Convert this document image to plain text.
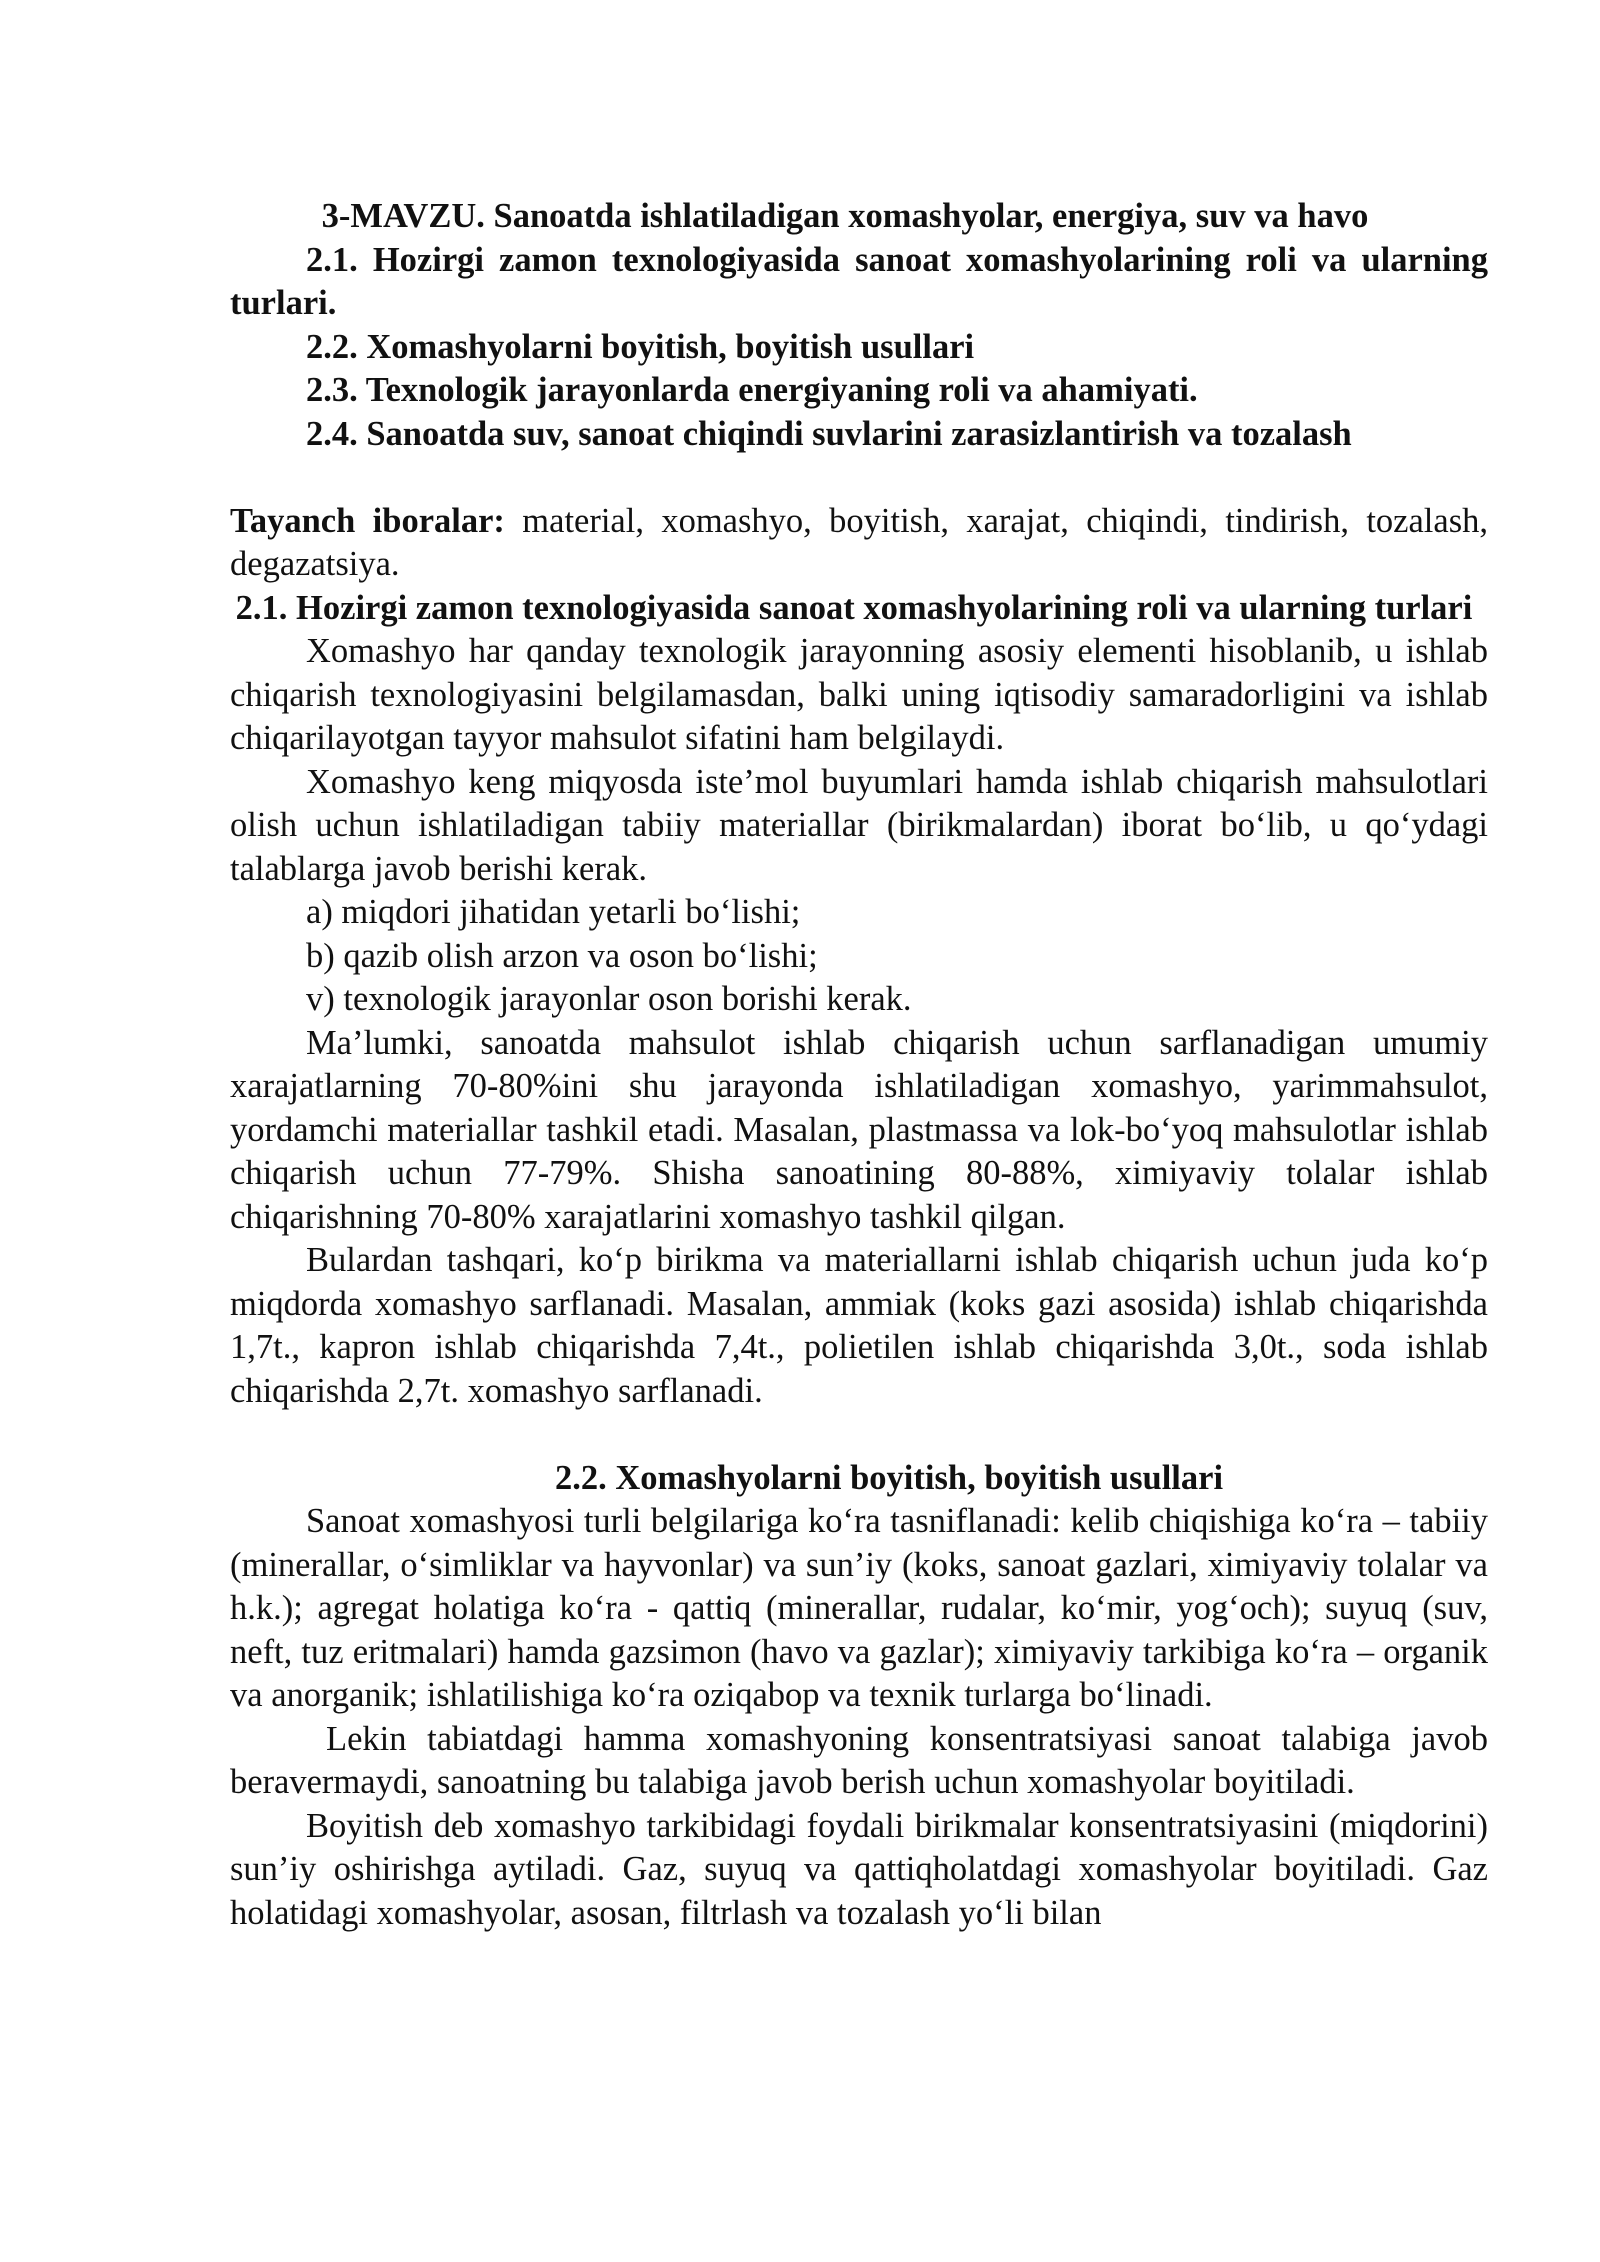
3-MAVZU. Sanoatda ishlatiladigan xomashyolar, energiya, suv va havo
2.1. Hozirgi zamon texnologiyasida sanoat xomashyolarining roli va ularning turlari.
2.2. Xomashyolarni boyitish, boyitish usullari
2.3. Texnologik jarayonlarda energiyaning roli va ahamiyati.
2.4. Sanoatda suv, sanoat chiqindi suvlarini zarasizlantirish va tozalash
Tayanch iboralar: material, xomashyo, boyitish, xarajat, chiqindi, tindirish, tozalash, degazatsiya.
2.1. Hozirgi zamon texnologiyasida sanoat xomashyolarining roli va ularning turlari
Xomashyo har qanday texnologik jarayonning asosiy elementi hisoblanib, u ishlab chiqarish texnologiyasini belgilamasdan, balki uning iqtisodiy samaradorligini va ishlab chiqarilayotgan tayyor mahsulot sifatini ham belgilaydi.
Xomashyo keng miqyosda iste’mol buyumlari hamda ishlab chiqarish mahsulotlari olish uchun ishlatiladigan tabiiy materiallar (birikmalardan) iborat bo‘lib, u qo‘ydagi talablarga javob berishi kerak.
a) miqdori jihatidan yetarli bo‘lishi;
b) qazib olish arzon va oson bo‘lishi;
v) texnologik jarayonlar oson borishi kerak.
Ma’lumki, sanoatda mahsulot ishlab chiqarish uchun sarflanadigan umumiy xarajatlarning 70-80%ini shu jarayonda ishlatiladigan xomashyo, yarimmahsulot, yordamchi materiallar tashkil etadi. Masalan, plastmassa va lok-bo‘yoq mahsulotlar ishlab chiqarish uchun 77-79%. Shisha sanoatining 80-88%, ximiyaviy tolalar ishlab chiqarishning 70-80% xarajatlarini xomashyo tashkil qilgan.
Bulardan tashqari, ko‘p birikma va materiallarni ishlab chiqarish uchun juda ko‘p miqdorda xomashyo sarflanadi. Masalan, ammiak (koks gazi asosida) ishlab chiqarishda 1,7t., kapron ishlab chiqarishda 7,4t., polietilen ishlab chiqarishda 3,0t., soda ishlab chiqarishda 2,7t. xomashyo sarflanadi.
2.2. Xomashyolarni boyitish, boyitish usullari
Sanoat xomashyosi turli belgilariga ko‘ra tasniflanadi: kelib chiqishiga ko‘ra – tabiiy (minerallar, o‘simliklar va hayvonlar) va sun’iy (koks, sanoat gazlari, ximiyaviy tolalar va h.k.); agregat holatiga ko‘ra - qattiq (minerallar, rudalar, ko‘mir, yog‘och); suyuq (suv, neft, tuz eritmalari) hamda gazsimon (havo va gazlar); ximiyaviy tarkibiga ko‘ra – organik va anorganik; ishlatilishiga ko‘ra oziqabop va texnik turlarga bo‘linadi.
Lekin tabiatdagi hamma xomashyoning konsentratsiyasi sanoat talabiga javob beravermaydi, sanoatning bu talabiga javob berish uchun xomashyolar boyitiladi.
Boyitish deb xomashyo tarkibidagi foydali birikmalar konsentratsiyasini (miqdorini) sun’iy oshirishga aytiladi. Gaz, suyuq va qattiqholatdagi xomashyolar boyitiladi. Gaz holatidagi xomashyolar, asosan, filtrlash va tozalash yo‘li bilan
